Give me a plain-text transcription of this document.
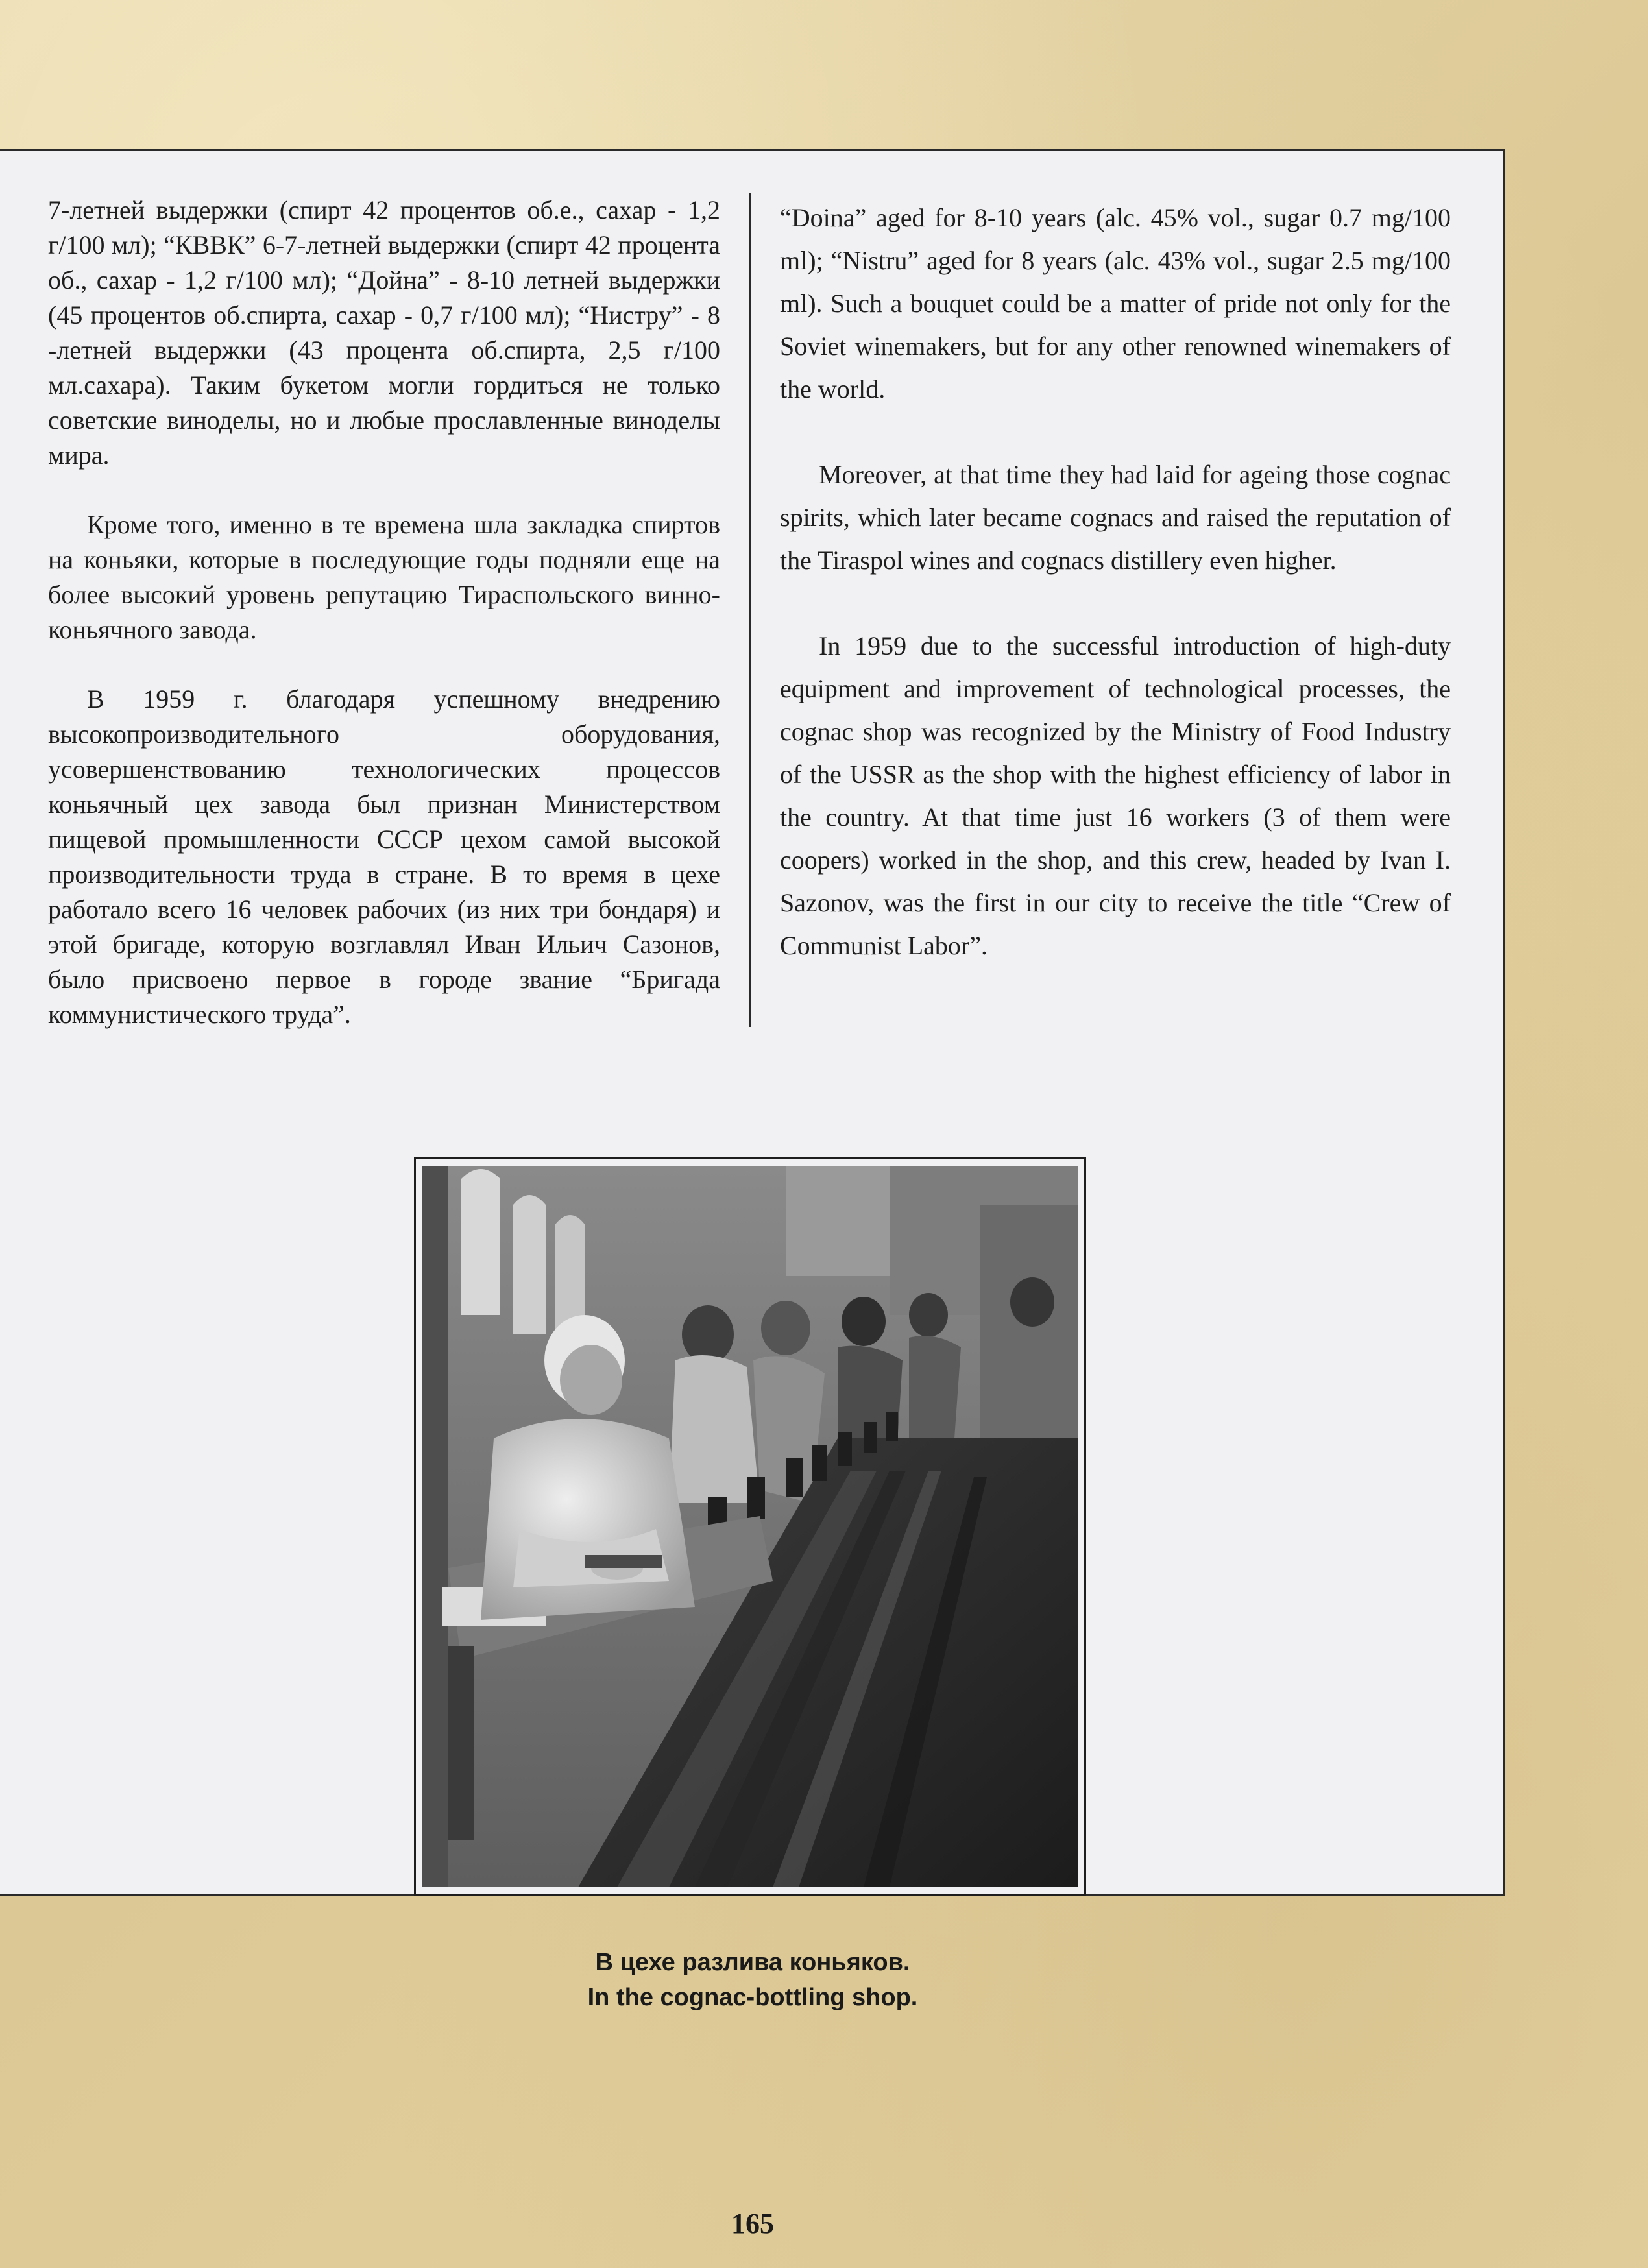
7-летней выдержки (спирт 42 процентов об.е., сахар - 1,2 г/100 мл); “КВВК” 6-7-летней выдержки (спирт 42 процента об., сахар - 1,2 г/100 мл); “Дойна” - 8-10 летней выдержки (45 процентов об.спирта, сахар - 0,7 г/100 мл); “Нистру” - 8 -летней выдержки (43 процента об.спирта, 2,5 г/100 мл.сахара). Таким букетом могли гордиться не только советские виноделы, но и любые прославленные виноделы мира.

Кроме того, именно в те времена шла закладка спиртов на коньяки, которые в последующие годы подняли еще на более высокий уровень репутацию Тираспольского винно-коньячного завода.

В 1959 г. благодаря успешному внедрению высокопроизводительного оборудования, усовершенствованию технологических процессов коньячный цех завода был признан Министерством пищевой промышленности СССР цехом самой высокой производительности труда в стране. В то время в цехе работало всего 16 человек рабочих (из них три бондаря) и этой бригаде, которую возглавлял Иван Ильич Сазонов, было присвоено первое в городе звание “Бригада коммунистического труда”.

“Doina” aged for 8-10 years (alc. 45% vol., sugar 0.7 mg/100 ml); “Nistru” aged for 8 years (alc. 43% vol., sugar 2.5 mg/100 ml). Such a bouquet could be a matter of pride not only for the Soviet winemakers, but for any other renowned winemakers of the world.

Moreover, at that time they had laid for ageing those cognac spirits, which later became cognacs and raised the reputation of the Tiraspol wines and cognacs distillery even higher.

In 1959 due to the successful introduction of high-duty equipment and improvement of technological processes, the cognac shop was recognized by the Ministry of Food Industry of the USSR as the shop with the highest efficiency of labor in the country. At that time just 16 workers (3 of them were coopers) worked in the shop, and this crew, headed by Ivan I. Sazonov, was the first in our city to receive the title “Crew of Communist Labor”.

В цехе разлива коньяков.
In the cognac-bottling shop.
165
